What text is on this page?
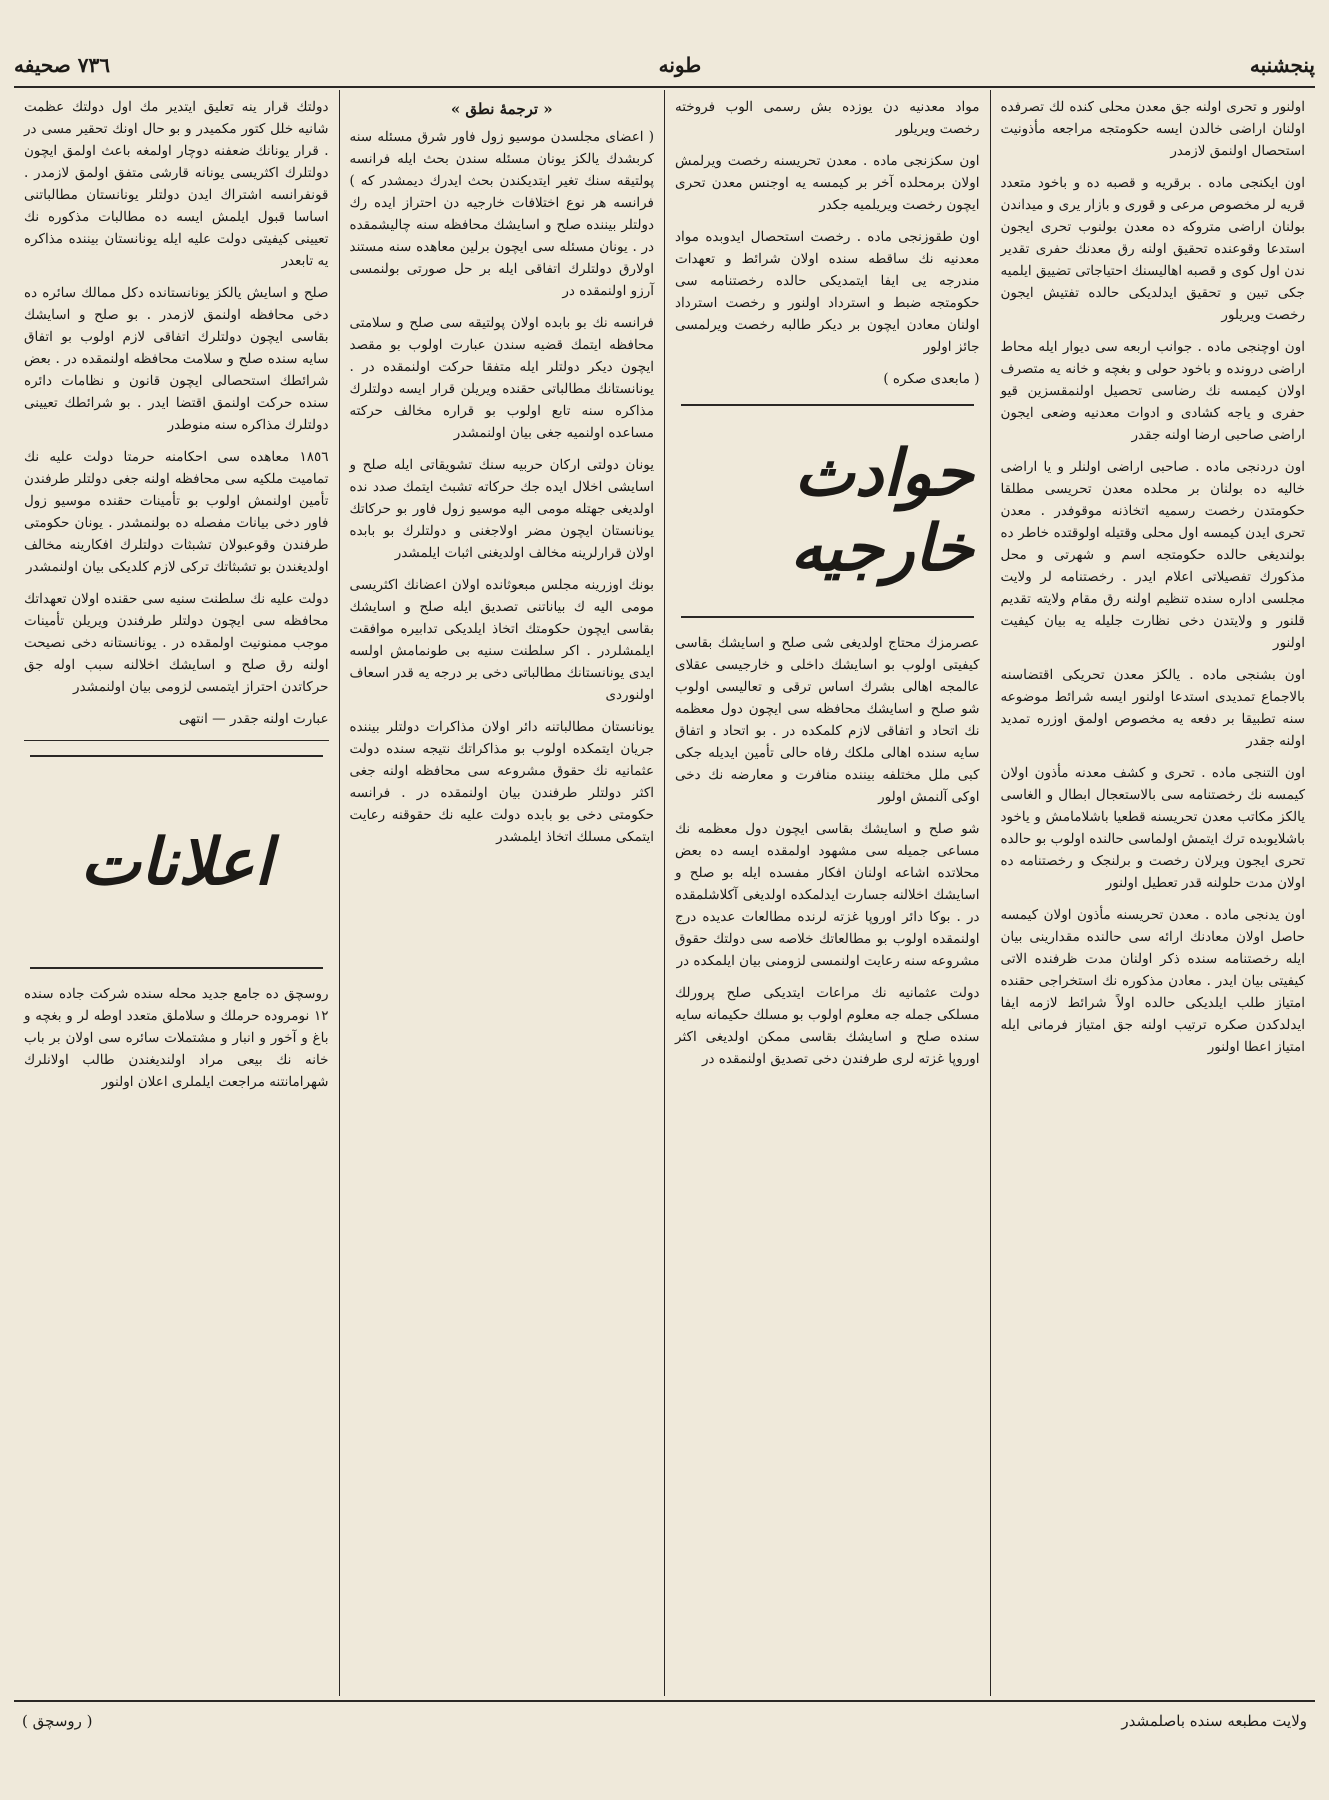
پنجشنبه
طونه
٧٣٦ صحیفه

اولنور و تحری اولنه جق معدن محلی کنده لك تصرفده اولنان اراضی خالدن ایسه حکومتجه مراجعه مأذونیت استحصال اولنمق لازمدر

اون ایکنجی ماده . برقریه و قصبه ده و باخود متعدد قریه لر مخصوص مرعی و قوری و بازار یری و میداندن بولنان اراضی متروکه ده معدن بولنوب تحری ایجون استدعا وقوعنده تحقیق اولنه رق معدنك حفری تقدیر ندن اول کوی و قصبه اهالیسنك احتیاجاتی تضییق ایلمیه جکی تبین و تحقیق ایدلدیکی حالده تفتیش ایجون رخصت ویریلور

اون اوچنجی ماده . جوانب اربعه سی دیوار ایله محاط اراضی درونده و باخود حولی و بغچه و خانه یه متصرف اولان کیمسه نك رضاسی تحصیل اولنمقسزین قیو حفری و یاجه کشادی و ادوات معدنیه وضعی ایجون اراضی صاحبی ارضا اولنه جقدر

اون دردنجی ماده . صاحبی اراضی اولنلر و یا اراضی خالیه ده بولنان بر محلده معدن تحریسی مطلقا حکومتدن رخصت رسمیه اتخاذنه موقوفدر . معدن تحری ایدن کیمسه اول محلی وقتیله اولوقتده خاطر ده بولندیغی حالده حکومتجه اسم و شهرتی و محل مذکورك تفصیلاتی اعلام ایدر . رخصتنامه لر ولایت مجلسی اداره سنده تنظیم اولنه رق مقام ولایته تقدیم قلنور و ولایتدن دخی نظارت جلیله یه بیان کیفیت اولنور

اون بشنجی ماده . یالکز معدن تحریکی اقتضاسنه بالاجماع تمدیدی استدعا اولنور ایسه شرائط موضوعه سنه تطبیقا بر دفعه یه مخصوص اولمق اوزره تمدید اولنه جقدر

اون التنجی ماده . تحری و کشف معدنه مأذون اولان کیمسه نك رخصتنامه سی بالاستعجال ابطال و الغاسی یالکز مکاتب معدن تحریسنه قطعیا باشلامامش و یاخود باشلایوبده ترك ایتمش اولماسی حالنده اولوب بو حالده تحری ایجون ویرلان رخصت و برلنجک و رخصتنامه ده اولان مدت حلولنه قدر تعطیل اولنور

اون یدنجی ماده . معدن تحریسنه مأذون اولان کیمسه حاصل اولان معادنك ارائه سی حالنده مقدارینی بیان ایله رخصتنامه سنده ذکر اولنان مدت ظرفنده الاتی کیفیتی بیان ایدر . معادن مذکوره نك استخراجی حقنده امتیاز طلب ایلدیکی حالده اولاً شرائط لازمه ایفا ایدلدکدن صکره ترتیب اولنه جق امتیاز فرمانی ایله امتیاز اعطا اولنور

مواد معدنیه دن یوزده بش رسمی الوب فروخته رخصت ویریلور

اون سکزنجی ماده . معدن تحریسنه رخصت ویرلمش اولان برمحلده آخر بر کیمسه یه اوجنس معدن تحری ایچون رخصت ویریلمیه جکدر

اون طقوزنجی ماده . رخصت استحصال ایدوبده مواد معدنیه نك ساقطه سنده اولان شرائط و تعهدات مندرجه یی ایفا ایتمدیکی حالده رخصتنامه سی حکومتجه ضبط و استرداد اولنور و رخصت استرداد اولنان معادن ایچون بر دیکر طالبه رخصت ویرلمسی جائز اولور

( مابعدی صکره )

حوادث خارجیه

عصرمزك محتاج اولدیغی شی صلح و اسایشك بقاسی کیفیتی اولوب بو اسایشك داخلی و خارجیسی عقلای عالمجه اهالی بشرك اساس ترقی و تعالیسی اولوب شو صلح و اسایشك محافظه سی ایچون دول معظمه نك اتحاد و اتفاقی لازم کلمکده در . بو اتحاد و اتفاق سایه سنده اهالی ملکك رفاه حالی تأمین ایدیله جکی کبی ملل مختلفه بیننده منافرت و معارضه نك دخی اوكی آلنمش اولور

شو صلح و اسایشك بقاسی ایچون دول معظمه نك مساعی جمیله سی مشهود اولمقده ایسه ده بعض محلاتده اشاعه اولنان افکار مفسده ایله بو صلح و اسایشك اخلالنه جسارت ایدلمکده اولدیغی آکلاشلمقده در . بوکا دائر اوروپا غزته لرنده مطالعات عدیده درج اولنمقده اولوب بو مطالعاتك خلاصه سی دولتك حقوق مشروعه سنه رعایت اولنمسی لزومنی بیان ایلمکده در

دولت عثمانیه نك مراعات ایتدیکی صلح پرورلك مسلکی جمله جه معلوم اولوب بو مسلك حکیمانه سایه سنده صلح و اسایشك بقاسی ممکن اولدیغی اکثر اوروپا غزته لری طرفندن دخی تصدیق اولنمقده در

« ترجمهٔ نطق »

( اعضای مجلسدن موسیو زول فاور شرق مسئله سنه کربشدك یالکز یونان مسئله سندن بحث ایله فرانسه پولتیقه سنك تغیر ایتدیکندن بحث ایدرك دیمشدر که ) فرانسه هر نوع اختلافات خارجیه دن احتراز ایده رك دولتلر بیننده صلح و اسایشك محافظه سنه چالیشمقده در . یونان مسئله سی ایچون برلین معاهده سنه مستند اولارق دولتلرك اتفاقی ایله بر حل صورتی بولنمسی آرزو اولنمقده در

فرانسه نك بو بابده اولان پولتیقه سی صلح و سلامتی محافظه ایتمك قضیه سندن عبارت اولوب بو مقصد ایچون دیکر دولتلر ایله متفقا حرکت اولنمقده در . یونانستانك مطالباتی حقنده ویریلن قرار ایسه دولتلرك مذاکره سنه تابع اولوب بو قراره مخالف حرکته مساعده اولنمیه جغی بیان اولنمشدر

یونان دولتی ارکان حربیه سنك تشویقاتی ایله صلح و اسایشی اخلال ایده جك حرکاته تشبث ایتمك صدد نده اولدیغی جهتله مومی الیه موسیو زول فاور بو حرکاتك یونانستان ایچون مضر اولاجغنی و دولتلرك بو بابده اولان قرارلرینه مخالف اولدیغنی اثبات ایلمشدر

بونك اوزرینه مجلس مبعوثانده اولان اعضانك اکثریسی مومی الیه ك بیاناتنی تصدیق ایله صلح و اسایشك بقاسی ایچون حکومتك اتخاذ ایلدیکی تدابیره موافقت ایلمشلردر . اکر سلطنت سنیه بی طونمامش اولسه ایدی یونانستانك مطالباتی دخی بر درجه یه قدر اسعاف اولنوردی

یونانستان مطالباتنه دائر اولان مذاکرات دولتلر بیننده جریان ایتمکده اولوب بو مذاکراتك نتیجه سنده دولت عثمانیه نك حقوق مشروعه سی محافظه اولنه جغی اکثر دولتلر طرفندن بیان اولنمقده در . فرانسه حکومتی دخی بو بابده دولت علیه نك حقوقنه رعایت ایتمکی مسلك اتخاذ ایلمشدر

دولتك قرار ینه تعلیق ایتدیر مك اول دولتك عظمت شانیه خلل کتور مکمیدر و بو حال اونك تحقیر مسی در . قرار یونانك ضعفنه دوچار اولمغه باعث اولمق ایچون دولتلرك اکثریسی یونانه قارشی متفق اولمق لازمدر . قونفرانسه اشتراك ایدن دولتلر یونانستان مطالباتنی اساسا قبول ایلمش ایسه ده مطالبات مذکوره نك تعیینی کیفیتی دولت علیه ایله یونانستان بیننده مذاکره یه تابعدر

صلح و اسایش یالکز یونانستانده دکل ممالك سائره ده دخی محافظه اولنمق لازمدر . بو صلح و اسایشك بقاسی ایچون دولتلرك اتفاقی لازم اولوب بو اتفاق سایه سنده صلح و سلامت محافظه اولنمقده در . بعض شرائطك استحصالی ایچون قانون و نظامات دائره سنده حرکت اولنمق اقتضا ایدر . بو شرائطك تعیینی دولتلرك مذاکره سنه منوطدر

١٨٥٦ معاهده سی احکامنه حرمتا دولت علیه نك تمامیت ملکیه سی محافظه اولنه جغی دولتلر طرفندن تأمین اولنمش اولوب بو تأمینات حقنده موسیو زول فاور دخی بیانات مفصله ده بولنمشدر . یونان حکومتی طرفندن وقوعبولان تشبثات دولتلرك افکارینه مخالف اولدیغندن بو تشبثاتك ترکی لازم کلدیکی بیان اولنمشدر

دولت علیه نك سلطنت سنیه سی حقنده اولان تعهداتك محافظه سی ایچون دولتلر طرفندن ویریلن تأمینات موجب ممنونیت اولمقده در . یونانستانه دخی نصیحت اولنه رق صلح و اسایشك اخلالنه سبب اوله جق حرکاتدن احتراز ایتمسی لزومی بیان اولنمشدر

عبارت اولنه جقدر — انتهی

اعلانات

روسچق ده جامع جدید محله سنده شرکت جاده سنده ١٢ نومروده حرملك و سلاملق متعدد اوطه لر و بغچه و باغ و آخور و انبار و مشتملات سائره سی اولان بر باب خانه نك بیعی مراد اولندیغندن طالب اولانلرك شهرامانتنه مراجعت ایلملری اعلان اولنور

ولایت مطبعه سنده باصلمشدر
( روسچق )
